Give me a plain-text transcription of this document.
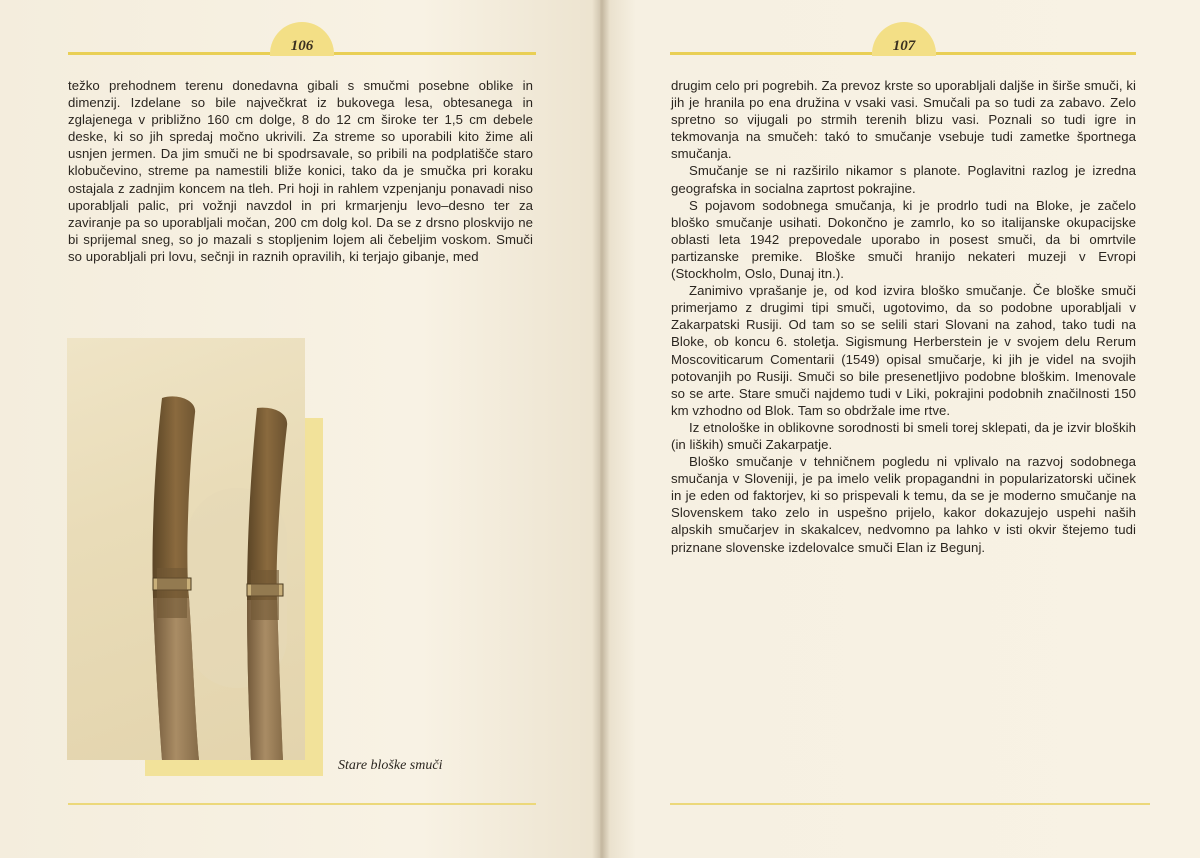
106

težko prehodnem terenu donedavna gibali s smučmi posebne oblike in dimenzij. Izdelane so bile največkrat iz bukovega lesa, obtesanega in zglajenega v približno 160 cm dolge, 8 do 12 cm široke ter 1,5 cm debele deske, ki so jih spredaj močno ukrivili. Za streme so uporabili kito žime ali usnjen jermen. Da jim smuči ne bi spodrsavale, so pribili na podplatišče staro klobučevino, streme pa namestili bliže konici, tako da je smučka pri koraku ostajala z zadnjim koncem na tleh. Pri hoji in rahlem vzpenjanju ponavadi niso uporabljali palic, pri vožnji navzdol in pri krmarjenju levo–desno ter za zaviranje pa so uporabljali močan, 200 cm dolg kol. Da se z drsno ploskvijo ne bi sprijemal sneg, so jo mazali s stopljenim lojem ali čebeljim voskom. Smuči so uporabljali pri lovu, sečnji in raznih opravilih, ki terjajo gibanje, med

Stare bloške smuči
107

drugim celo pri pogrebih. Za prevoz krste so uporabljali daljše in širše smuči, ki jih je hranila po ena družina v vsaki vasi. Smučali pa so tudi za zabavo. Zelo spretno so vijugali po strmih terenih blizu vasi. Poznali so tudi igre in tekmovanja na smučeh: takó to smučanje vsebuje tudi zametke športnega smučanja.

Smučanje se ni razširilo nikamor s planote. Poglavitni razlog je izredna geografska in socialna zaprtost pokrajine.

S pojavom sodobnega smučanja, ki je prodrlo tudi na Bloke, je začelo bloško smučanje usihati. Dokončno je zamrlo, ko so italijanske okupacijske oblasti leta 1942 prepovedale uporabo in posest smuči, da bi omrtvile partizanske premike. Bloške smuči hranijo nekateri muzeji v Evropi (Stockholm, Oslo, Dunaj itn.).

Zanimivo vprašanje je, od kod izvira bloško smučanje. Če bloške smuči primerjamo z drugimi tipi smuči, ugotovimo, da so podobne uporabljali v Zakarpatski Rusiji. Od tam so se selili stari Slovani na zahod, tako tudi na Bloke, ob koncu 6. stoletja. Sigismung Herberstein je v svojem delu Rerum Moscoviticarum Comentarii (1549) opisal smučarje, ki jih je videl na svojih potovanjih po Rusiji. Smuči so bile presenetljivo podobne bloškim. Imenovale so se arte. Stare smuči najdemo tudi v Liki, pokrajini podobnih značilnosti 150 km vzhodno od Blok. Tam so obdržale ime rtve.

Iz etnološke in oblikovne sorodnosti bi smeli torej sklepati, da je izvir bloških (in liških) smuči Zakarpatje.

Bloško smučanje v tehničnem pogledu ni vplivalo na razvoj sodobnega smučanja v Sloveniji, je pa imelo velik propagandni in popularizatorski učinek in je eden od faktorjev, ki so prispevali k temu, da se je moderno smučanje na Slovenskem tako zelo in uspešno prijelo, kakor dokazujejo uspehi naših alpskih smučarjev in skakalcev, nedvomno pa lahko v isti okvir štejemo tudi priznane slovenske izdelovalce smuči Elan iz Begunj.
